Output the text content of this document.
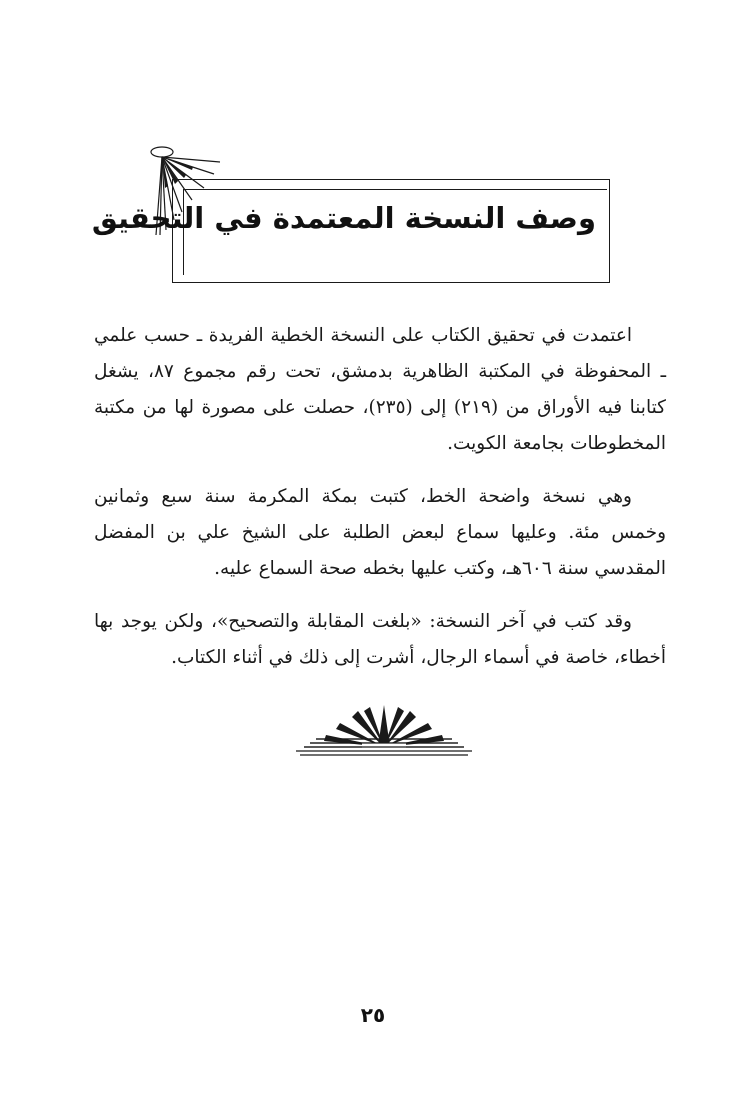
وصف النسخة المعتمدة في التحقيق

اعتمدت في تحقيق الكتاب على النسخة الخطية الفريدة ـ حسب علمي ـ المحفوظة في المكتبة الظاهرية بدمشق، تحت رقم مجموع ٨٧، يشغل كتابنا فيه الأوراق من (٢١٩) إلى (٢٣٥)، حصلت على مصورة لها من مكتبة المخطوطات بجامعة الكويت.

وهي نسخة واضحة الخط، كتبت بمكة المكرمة سنة سبع وثمانين وخمس مئة. وعليها سماع لبعض الطلبة على الشيخ علي بن المفضل المقدسي سنة ٦٠٦هـ، وكتب عليها بخطه صحة السماع عليه.

وقد كتب في آخر النسخة: «بلغت المقابلة والتصحيح»، ولكن يوجد بها أخطاء، خاصة في أسماء الرجال، أشرت إلى ذلك في أثناء الكتاب.

٢٥
